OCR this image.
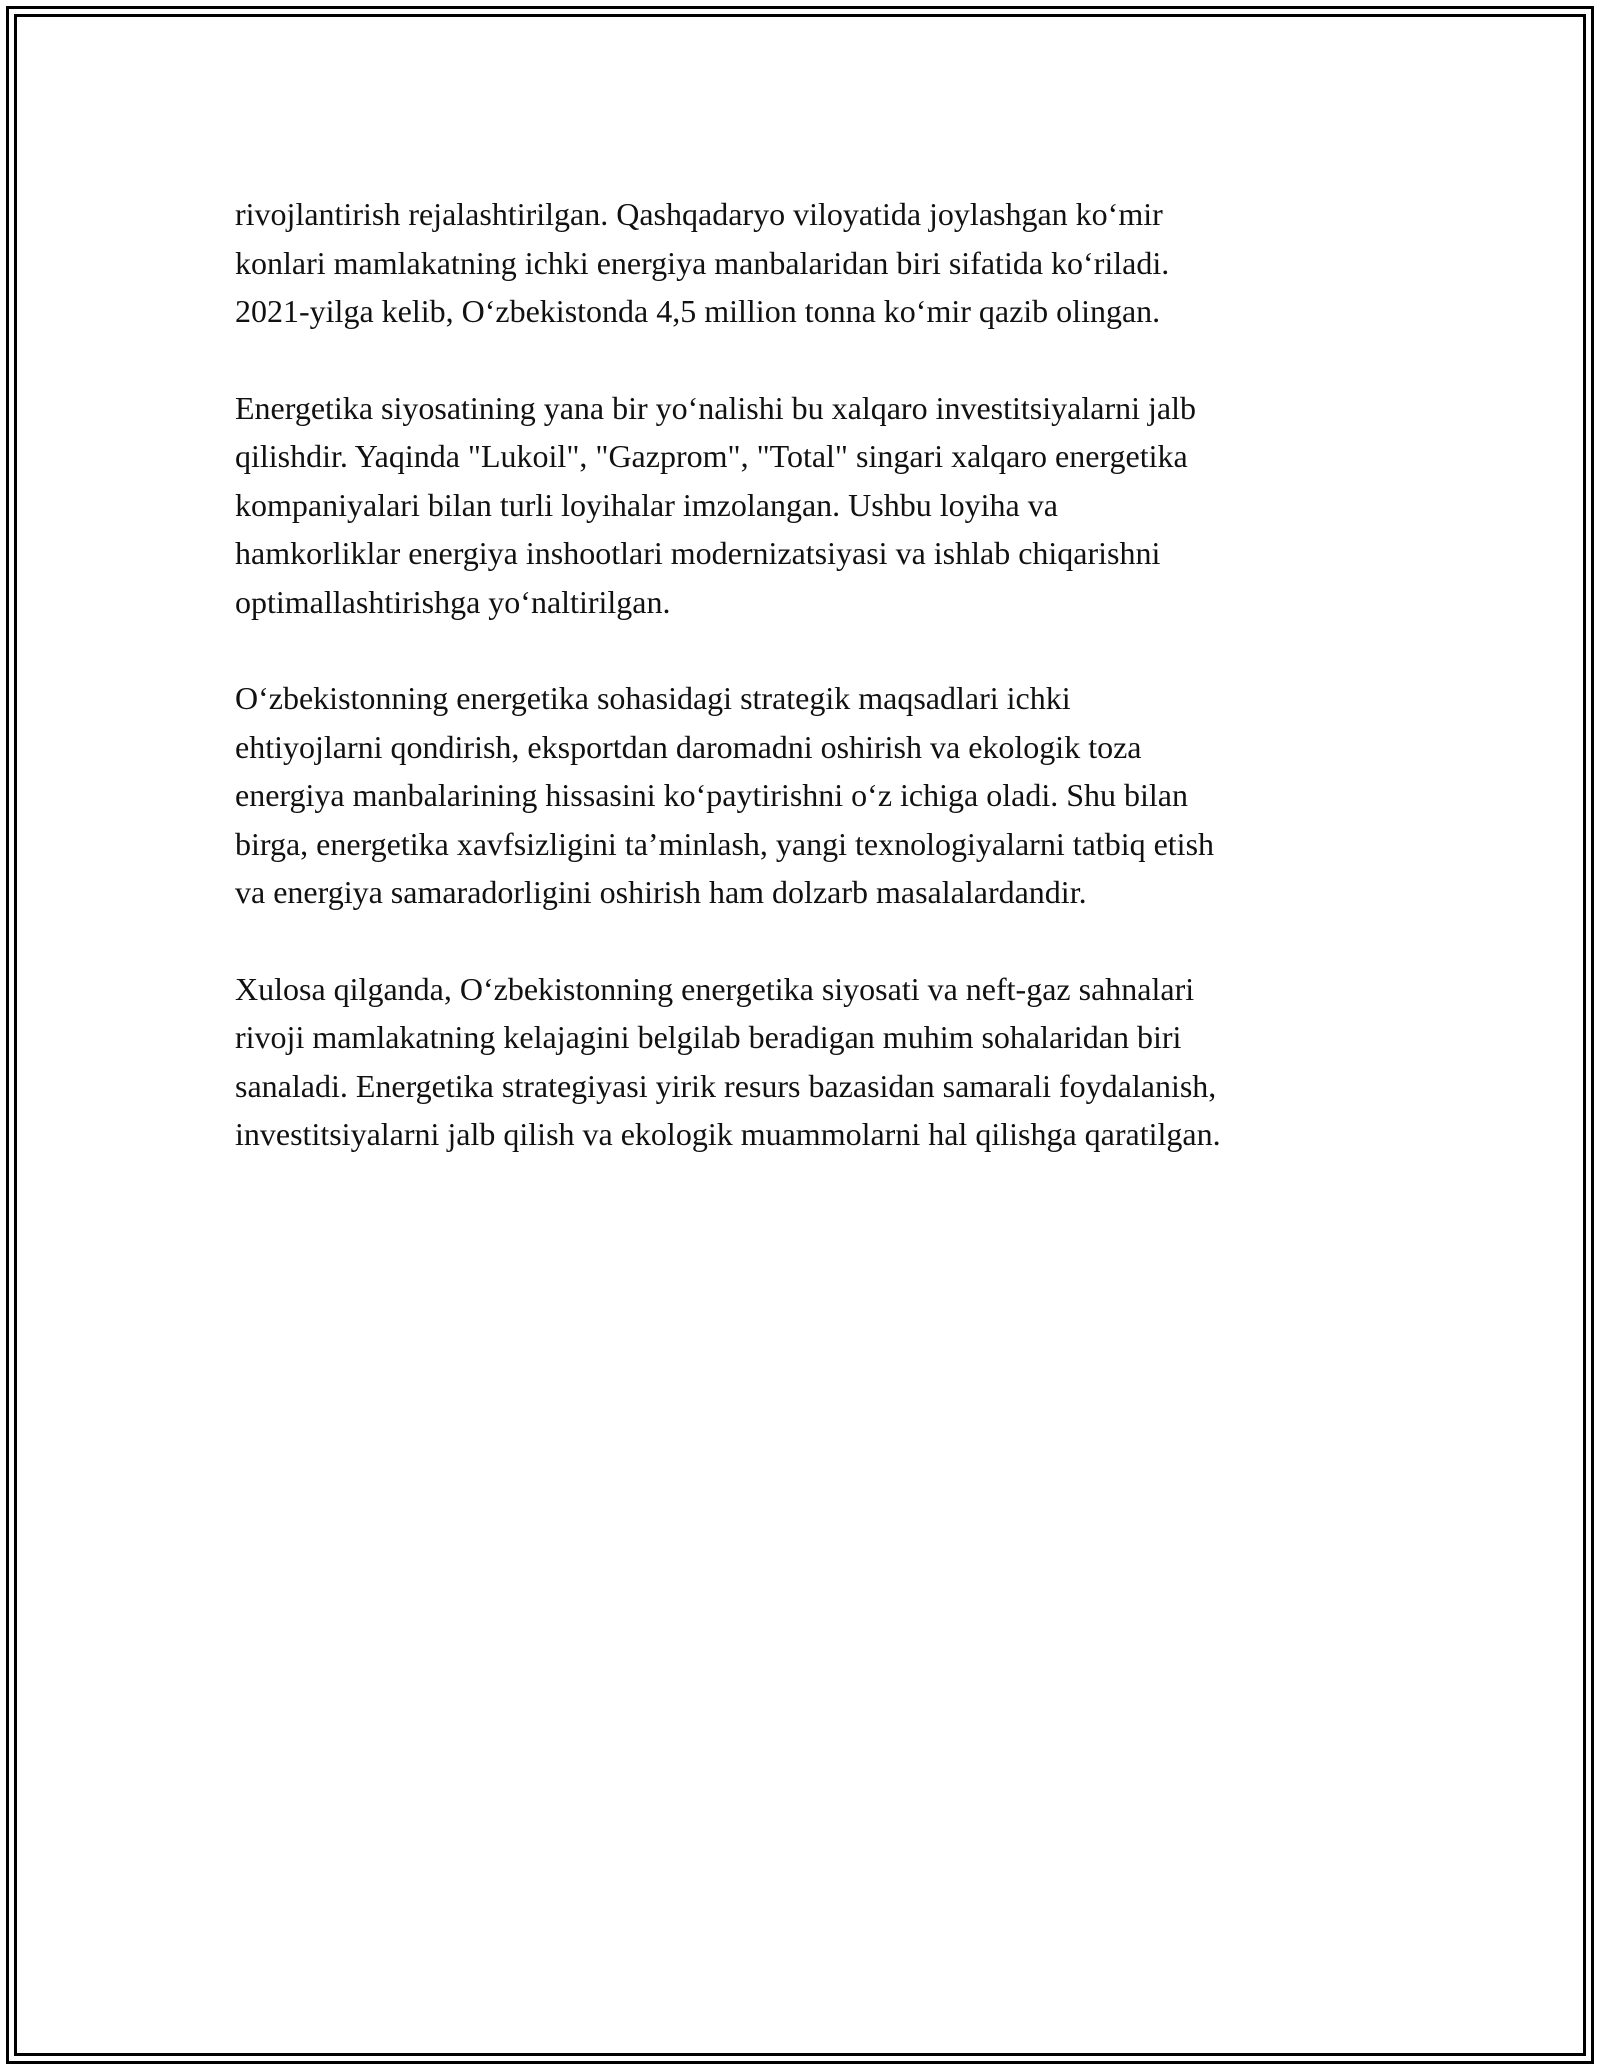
rivojlantirish rejalashtirilgan. Qashqadaryo viloyatida joylashgan ko‘mir
konlari mamlakatning ichki energiya manbalaridan biri sifatida ko‘riladi.
2021-yilga kelib, O‘zbekistonda 4,5 million tonna ko‘mir qazib olingan.

Energetika siyosatining yana bir yo‘nalishi bu xalqaro investitsiyalarni jalb
qilishdir. Yaqinda "Lukoil", "Gazprom", "Total" singari xalqaro energetika
kompaniyalari bilan turli loyihalar imzolangan. Ushbu loyiha va
hamkorliklar energiya inshootlari modernizatsiyasi va ishlab chiqarishni
optimallashtirishga yo‘naltirilgan.

O‘zbekistonning energetika sohasidagi strategik maqsadlari ichki
ehtiyojlarni qondirish, eksportdan daromadni oshirish va ekologik toza
energiya manbalarining hissasini ko‘paytirishni o‘z ichiga oladi. Shu bilan
birga, energetika xavfsizligini ta’minlash, yangi texnologiyalarni tatbiq etish
va energiya samaradorligini oshirish ham dolzarb masalalardandir.

Xulosa qilganda, O‘zbekistonning energetika siyosati va neft-gaz sahnalari
rivoji mamlakatning kelajagini belgilab beradigan muhim sohalaridan biri
sanaladi. Energetika strategiyasi yirik resurs bazasidan samarali foydalanish,
investitsiyalarni jalb qilish va ekologik muammolarni hal qilishga qaratilgan.
